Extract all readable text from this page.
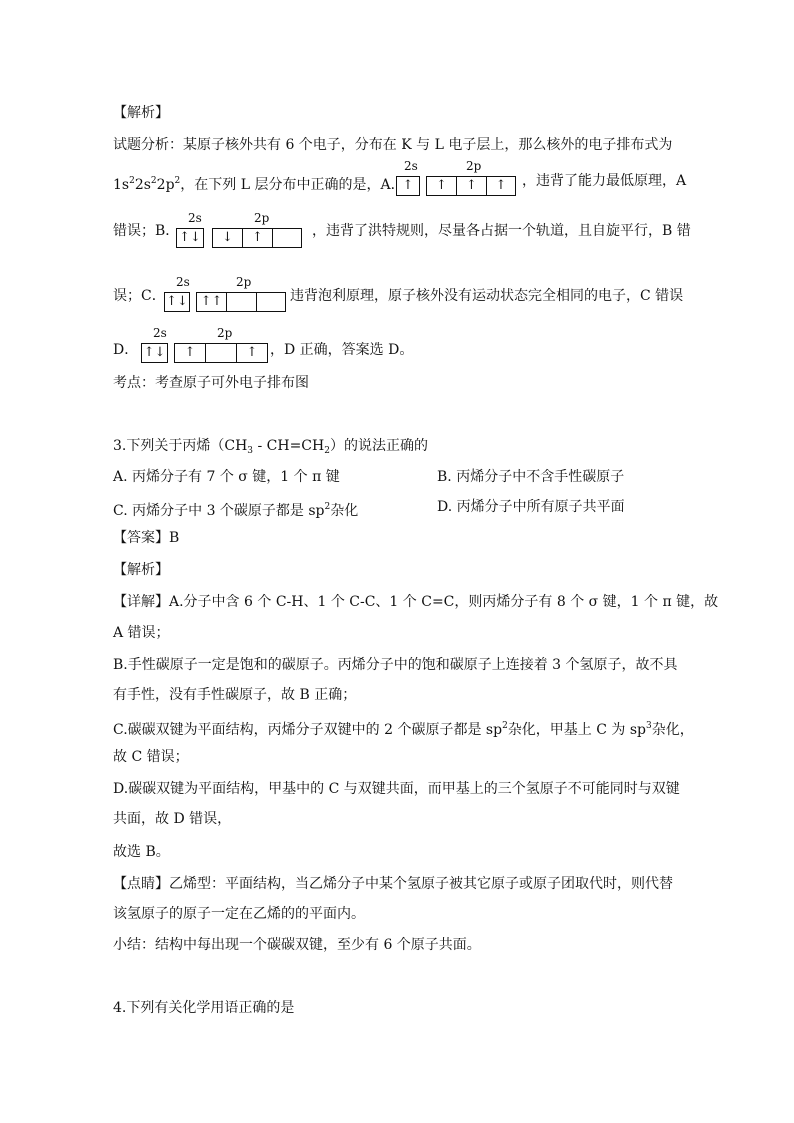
【解析】
试题分析：某原子核外共有 6 个电子，分布在 K 与 L 电子层上，那么核外的电子排布式为
$1s^22s^22p^2$，在下列 L 层分布中正确的是，A．	，违背了能力最低原理，A
2s	2p
↑	↑	↑	↑
错误；B．
2s	2p
↑↓	↓	↑	，违背了洪特规则，尽量各占据一个轨道，且自旋平行，B 错
误；C．
2s	2p
↑↓ ↑↑	违背泡利原理，原子核外没有运动状态完全相同的电子，C 错误
D．
2s	2p
↑↓	↑	↑ ，D 正确，答案选 D。
考点：考查原子可外电子排布图
3.下列关于丙烯$(CH_3 - CH=CH_2)$的说法正确的
A. 丙烯分子有 7 个 σ 键，1 个 π 键	B. 丙烯分子中不含手性碳原子
C. 丙烯分子中 3 个碳原子都是 $sp^2$杂化	D. 丙烯分子中所有原子共平面
【答案】B
【解析】
【详解】A.分子中含 6 个 C-H、1 个 C-C、1 个 C=C，则丙烯分子有 8 个 σ 键，1 个 π 键，故
A 错误；
B.手性碳原子一定是饱和的碳原子。丙烯分子中的饱和碳原子上连接着 3 个氢原子，故不具
有手性，没有手性碳原子，故 B 正确；
C.碳碳双键为平面结构，丙烯分子双键中的 2 个碳原子都是 $sp^2$杂化，甲基上 C 为 $sp^3$杂化，
故 C 错误；
D.碳碳双键为平面结构，甲基中的 C 与双键共面，而甲基上的三个氢原子不可能同时与双键
共面，故 D 错误，
故选 B。
【点睛】乙烯型：平面结构，当乙烯分子中某个氢原子被其它原子或原子团取代时，则代替
该氢原子的原子一定在乙烯的的平面内。
小结：结构中每出现一个碳碳双键，至少有 6 个原子共面。
4.下列有关化学用语正确的是
